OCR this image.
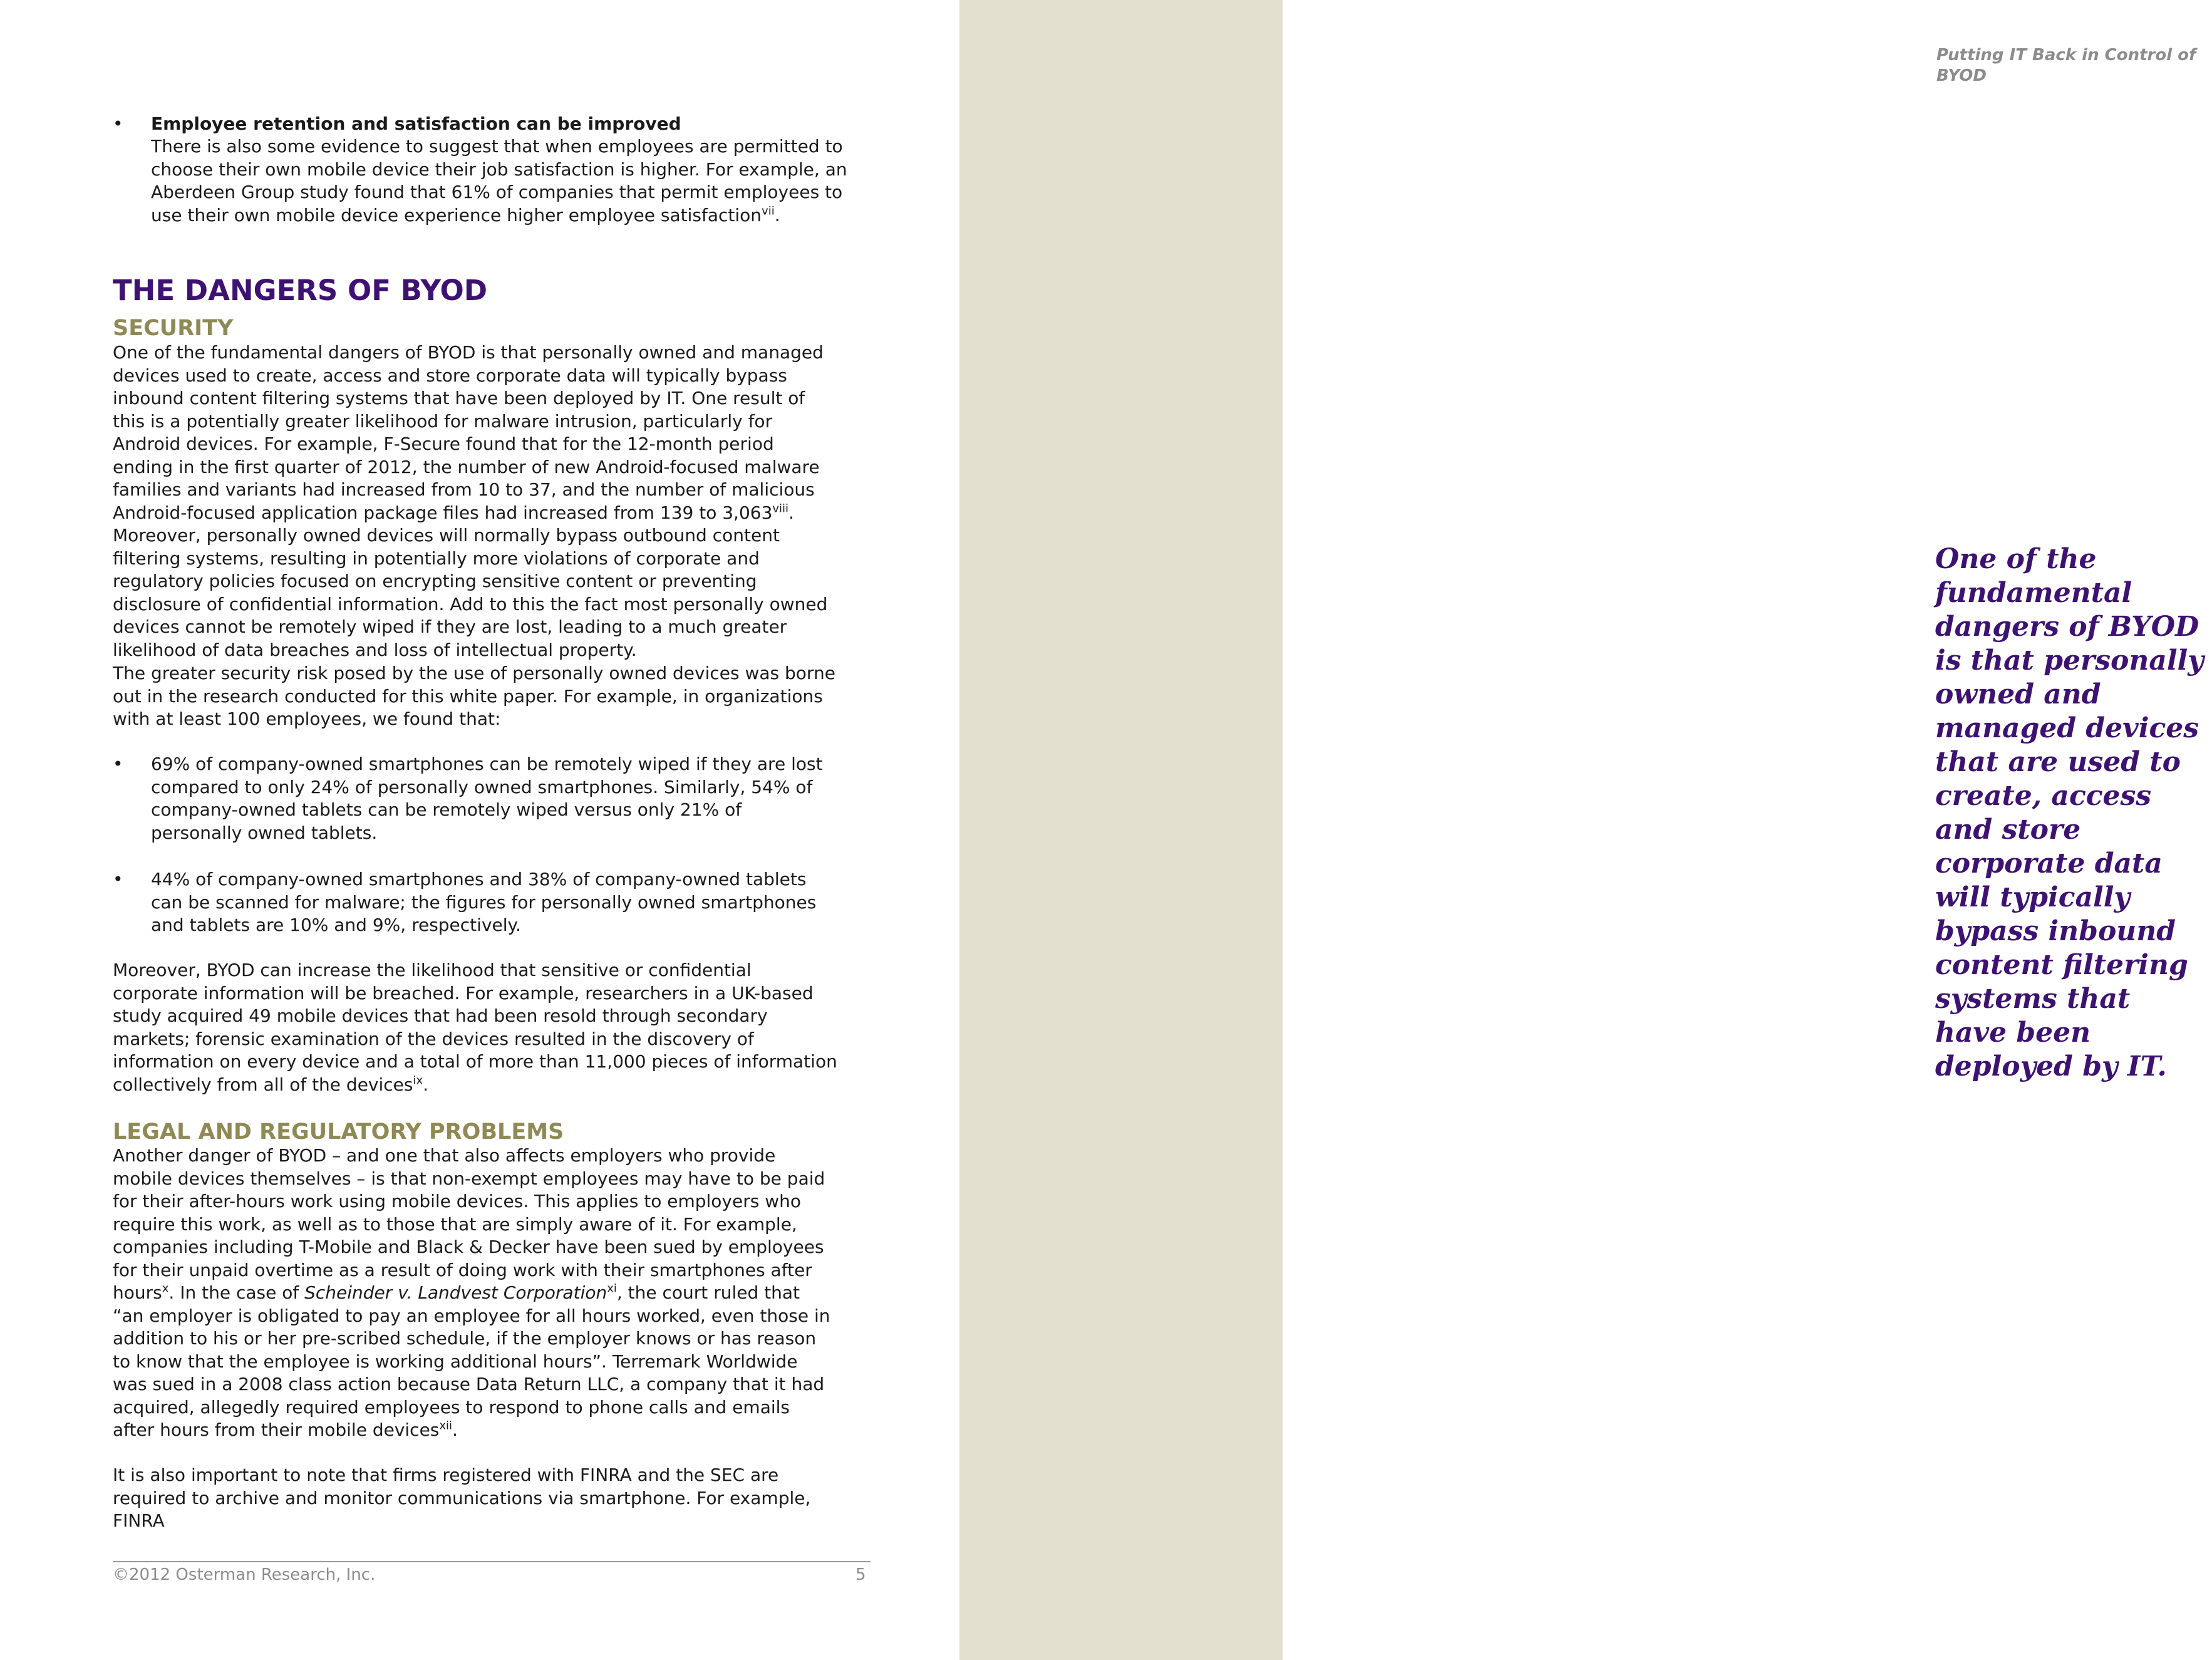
Putting IT Back in Control of BYOD
One of the fundamental dangers of BYOD is that personally owned and managed devices that are used to create, access and store corporate data will typically bypass inbound content filtering systems that have been deployed by IT.
• Employee retention and satisfaction can be improved

There is also some evidence to suggest that when employees are permitted to choose their own mobile device their job satisfaction is higher. For example, an Aberdeen Group study found that 61% of companies that permit employees to use their own mobile device experience higher employee satisfaction$^{vii}$.

THE DANGERS OF BYOD
SECURITY

One of the fundamental dangers of BYOD is that personally owned and managed devices used to create, access and store corporate data will typically bypass inbound content filtering systems that have been deployed by IT. One result of this is a potentially greater likelihood for malware intrusion, particularly for Android devices. For example, F-Secure found that for the 12-month period ending in the first quarter of 2012, the number of new Android-focused malware families and variants had increased from 10 to 37, and the number of malicious Android-focused application package files had increased from 139 to 3,063$^{viii}$. Moreover, personally owned devices will normally bypass outbound content filtering systems, resulting in potentially more violations of corporate and regulatory policies focused on encrypting sensitive content or preventing disclosure of confidential information. Add to this the fact most personally owned devices cannot be remotely wiped if they are lost, leading to a much greater likelihood of data breaches and loss of intellectual property.

The greater security risk posed by the use of personally owned devices was borne out in the research conducted for this white paper. For example, in organizations with at least 100 employees, we found that:

• 69% of company-owned smartphones can be remotely wiped if they are lost compared to only 24% of personally owned smartphones. Similarly, 54% of company-owned tablets can be remotely wiped versus only 21% of personally owned tablets.

• 44% of company-owned smartphones and 38% of company-owned tablets can be scanned for malware; the figures for personally owned smartphones and tablets are 10% and 9%, respectively.

Moreover, BYOD can increase the likelihood that sensitive or confidential corporate information will be breached. For example, researchers in a UK-based study acquired 49 mobile devices that had been resold through secondary markets; forensic examination of the devices resulted in the discovery of information on every device and a total of more than 11,000 pieces of information collectively from all of the devices$^{ix}$.

LEGAL AND REGULATORY PROBLEMS

Another danger of BYOD – and one that also affects employers who provide mobile devices themselves – is that non-exempt employees may have to be paid for their after-hours work using mobile devices. This applies to employers who require this work, as well as to those that are simply aware of it. For example, companies including T-Mobile and Black & Decker have been sued by employees for their unpaid overtime as a result of doing work with their smartphones after hours$^x$. In the case of Scheinder v. Landvest Corporation$^{xi}$, the court ruled that “an employer is obligated to pay an employee for all hours worked, even those in addition to his or her pre-scribed schedule, if the employer knows or has reason to know that the employee is working additional hours”. Terremark Worldwide was sued in a 2008 class action because Data Return LLC, a company that it had acquired, allegedly required employees to respond to phone calls and emails after hours from their mobile devices$^{xii}$.

It is also important to note that firms registered with FINRA and the SEC are required to archive and monitor communications via smartphone. For example, FINRA

©2012 Osterman Research, Inc.	5
